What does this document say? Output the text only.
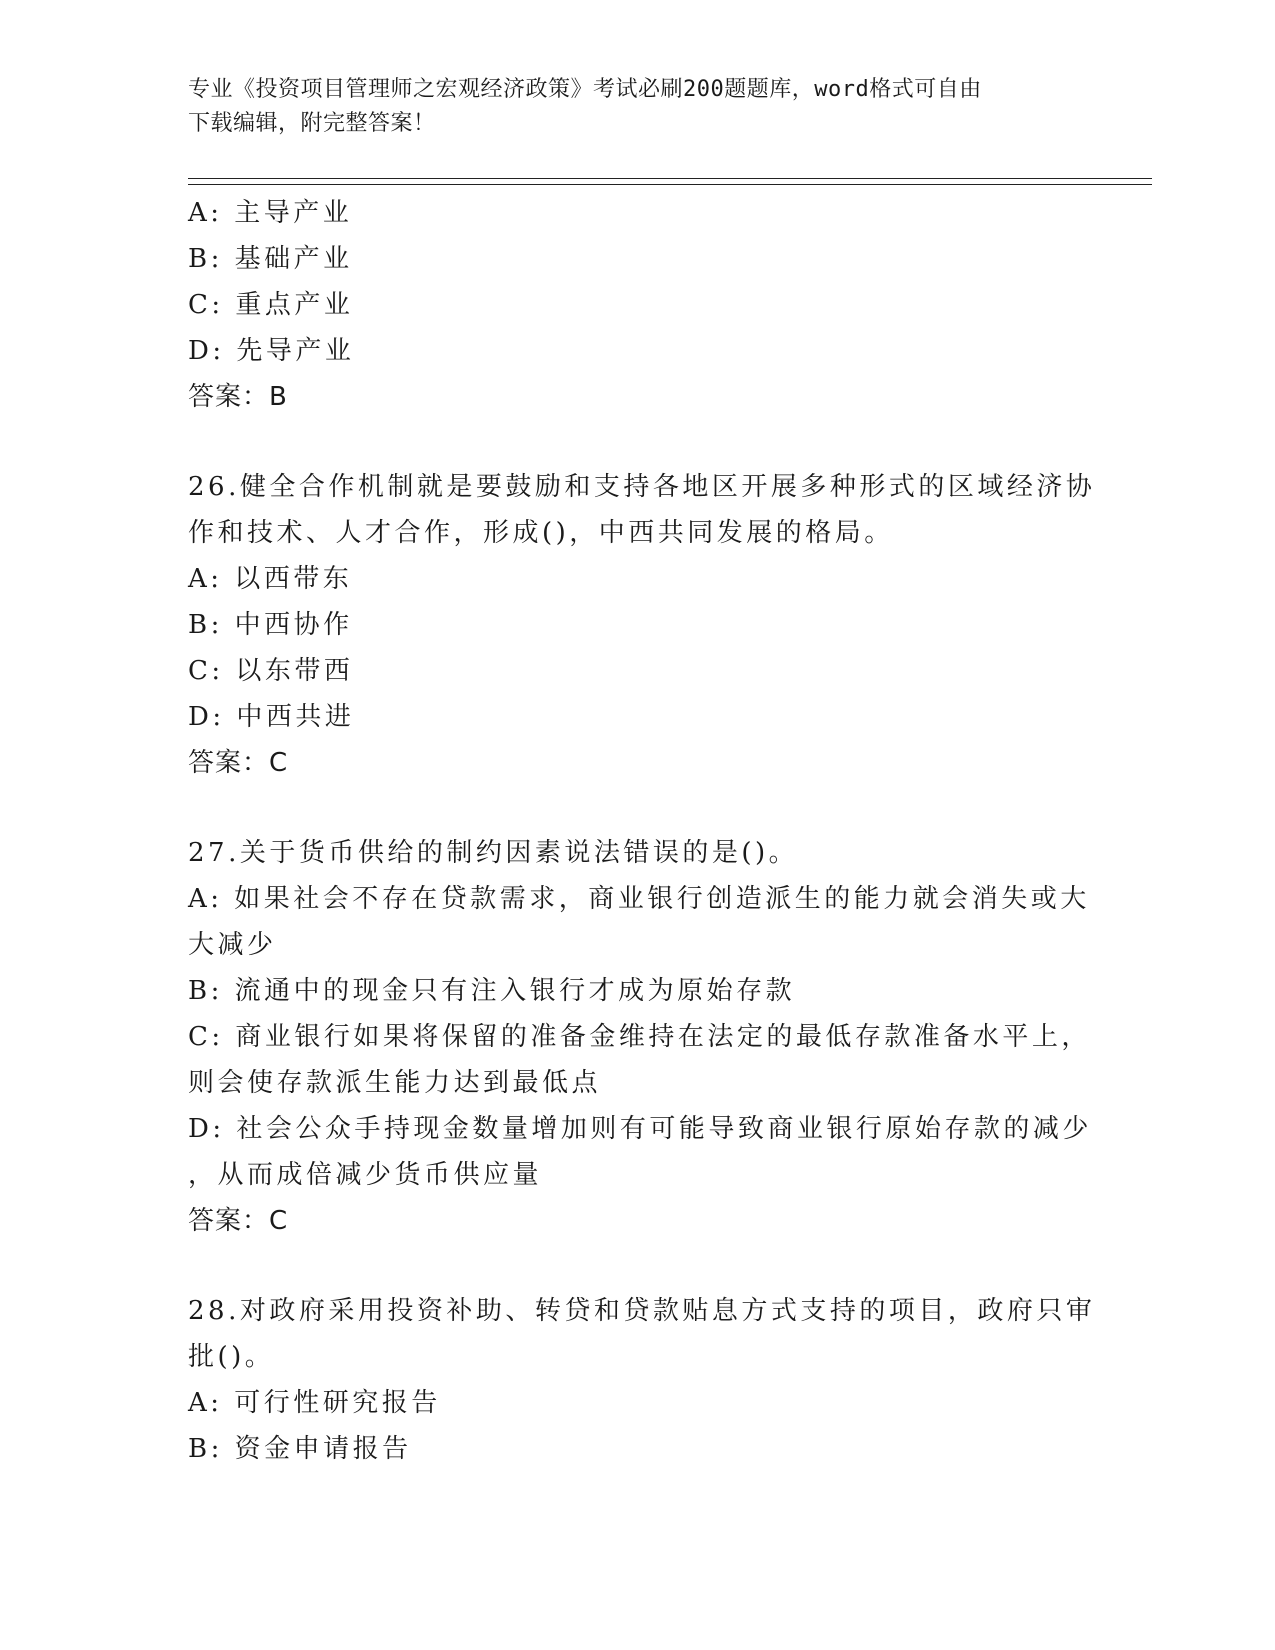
专业《投资项目管理师之宏观经济政策》考试必刷200题题库，word格式可自由
下载编辑，附完整答案！
A: 主导产业
B: 基础产业
C: 重点产业
D: 先导产业
答案：B
26.健全合作机制就是要鼓励和支持各地区开展多种形式的区域经济协
作和技术、人才合作，形成()，中西共同发展的格局。
A: 以西带东
B: 中西协作
C: 以东带西
D: 中西共进
答案：C
27.关于货币供给的制约因素说法错误的是()。
A: 如果社会不存在贷款需求，商业银行创造派生的能力就会消失或大
大减少
B: 流通中的现金只有注入银行才成为原始存款
C: 商业银行如果将保留的准备金维持在法定的最低存款准备水平上，
则会使存款派生能力达到最低点
D: 社会公众手持现金数量增加则有可能导致商业银行原始存款的减少
，从而成倍减少货币供应量
答案：C
28.对政府采用投资补助、转贷和贷款贴息方式支持的项目，政府只审
批()。
A: 可行性研究报告
B: 资金申请报告
